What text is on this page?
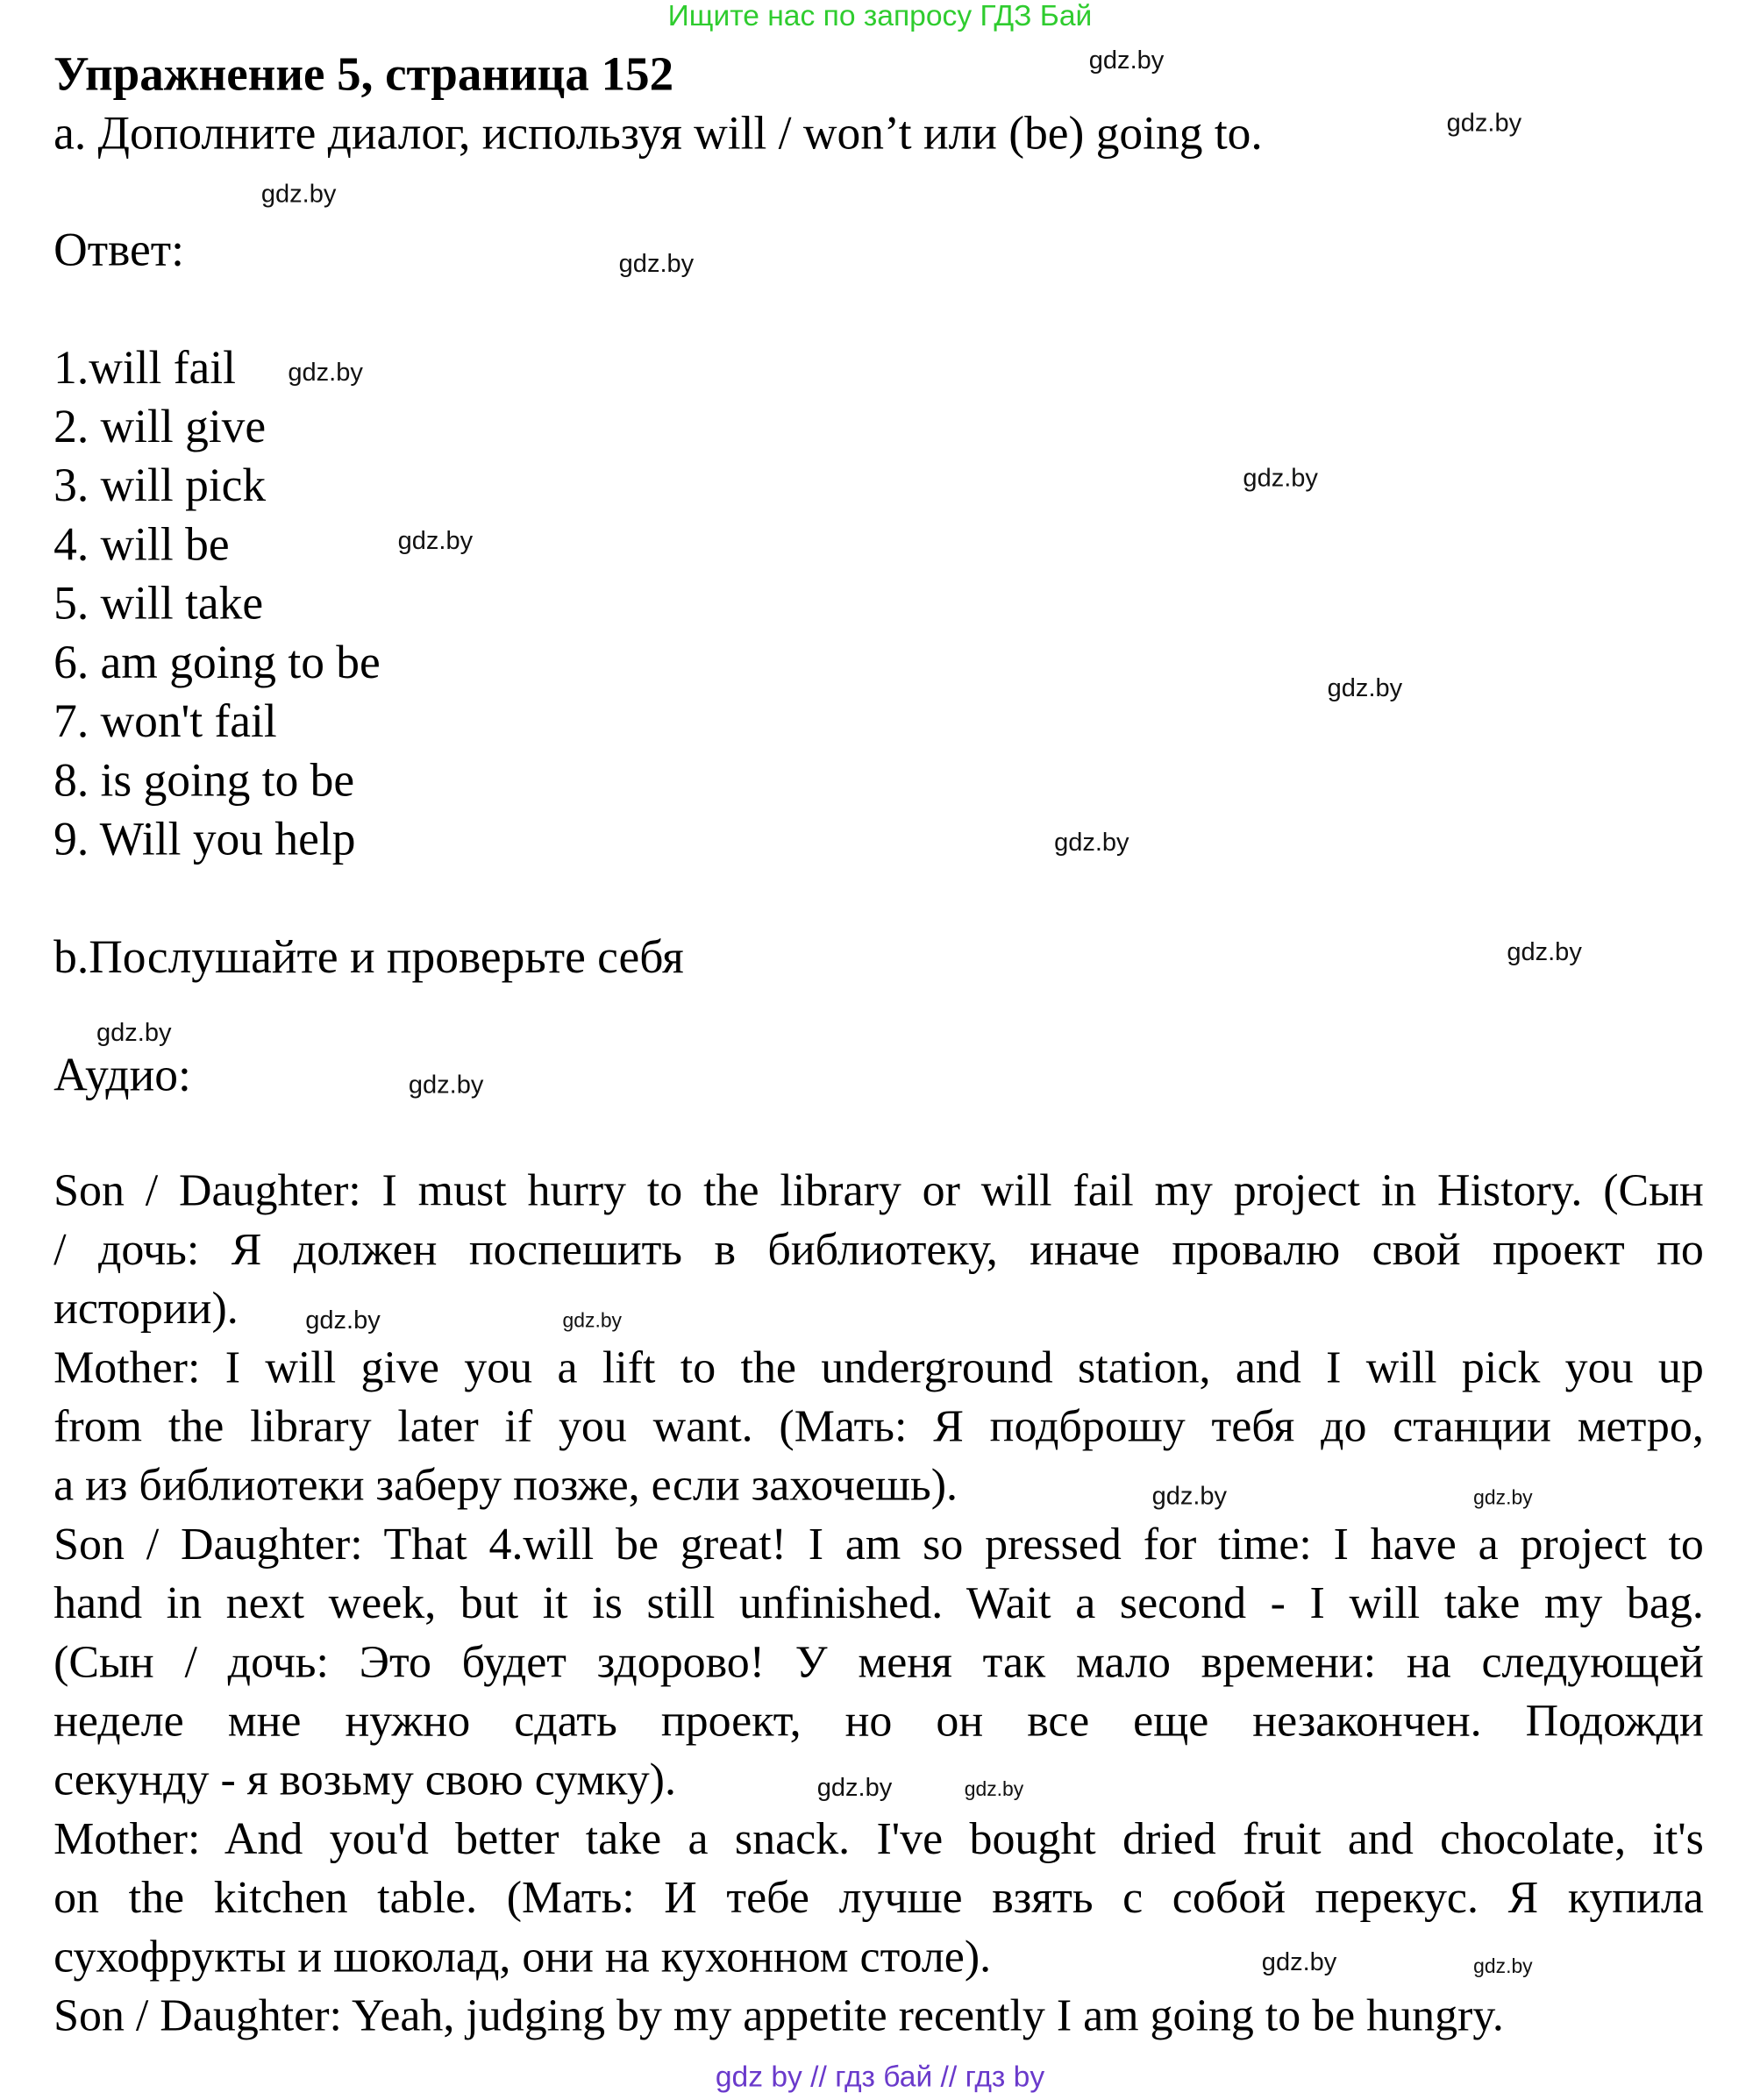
Ищите нас по запросу ГДЗ Бай
Упражнение 5, страница 152
a. Дополните диалог, используя will / won’t или (be) going to.
Ответ:
1.will fail
2. will give
3. will pick
4. will be
5. will take
6. am going to be
7. won't fail
8. is going to be
9. Will you help
b.Послушайте и проверьте себя
Аудио:
Son / Daughter: I must hurry to the library or will fail my project in History. (Сын
/ дочь: Я должен поспешить в библиотеку, иначе провалю свой проект по
истории).
Mother: I will give you a lift to the underground station, and I will pick you up
from the library later if you want. (Мать: Я подброшу тебя до станции метро,
а из библиотеки заберу позже, если захочешь).
Son / Daughter: That 4.will be great! I am so pressed for time: I have a project to
hand in next week, but it is still unfinished. Wait a second - I will take my bag.
(Сын / дочь: Это будет здорово! У меня так мало времени: на следующей
неделе мне нужно сдать проект, но он все еще незакончен. Подожди
секунду - я возьму свою сумку).
Mother: And you'd better take a snack. I've bought dried fruit and chocolate, it's
on the kitchen table. (Мать: И тебе лучше взять с собой перекус. Я купила
сухофрукты и шоколад, они на кухонном столе).
Son / Daughter: Yeah, judging by my appetite recently I am going to be hungry.
gdz.by
gdz.by
gdz.by
gdz.by
gdz.by
gdz.by
gdz.by
gdz.by
gdz.by
gdz.by
gdz.by
gdz.by
gdz.by
gdz.by
gdz.by
gdz.by
gdz.by	gdz.by
gdz.by	gdz.by
gdz by // гдз бай // гдз by
